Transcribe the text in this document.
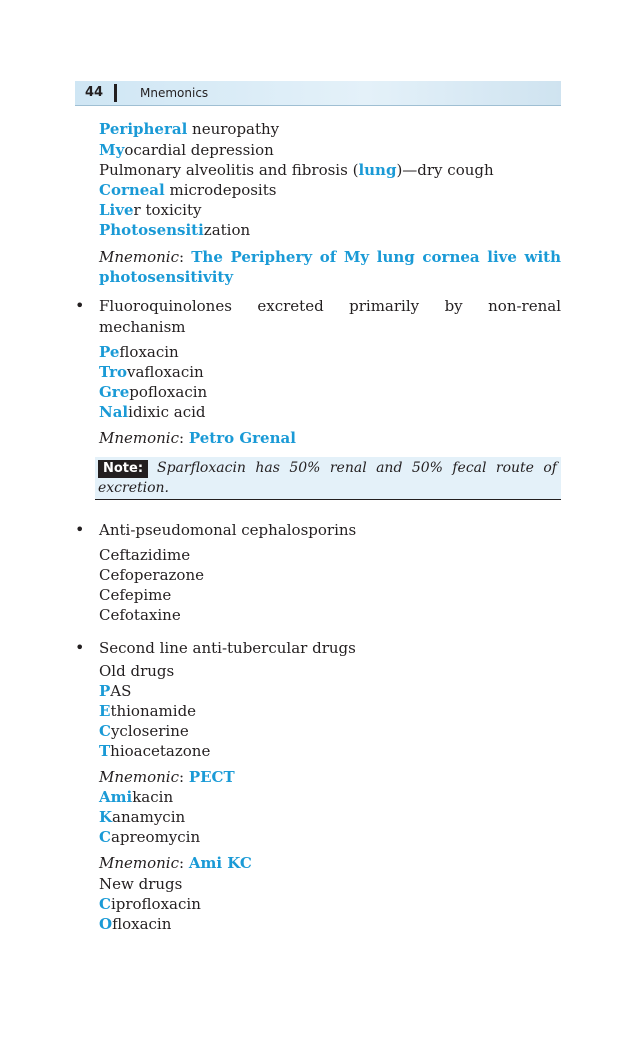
44	Mnemonics
Peripheral neuropathy
Myocardial depression
Pulmonary alveolitis and fibrosis (lung)—dry cough
Corneal microdeposits
Liver toxicity
Photosensitization
Mnemonic: The Periphery of My lung cornea live with
photosensitivity
• Fluoroquinolones excreted primarily by non-renal
mechanism
Pefloxacin
Trovafloxacin
Grepofloxacin
Nalidixic acid
Mnemonic: Petro Grenal
Note: Sparfloxacin has 50% renal and 50% fecal route of
excretion.
• Anti-pseudomonal cephalosporins
Ceftazidime
Cefoperazone
Cefepime
Cefotaxine
• Second line anti-tubercular drugs
Old drugs
PAS
Ethionamide
Cycloserine
Thioacetazone
Mnemonic: PECT
Amikacin
Kanamycin
Capreomycin
Mnemonic: Ami KC
New drugs
Ciprofloxacin
Ofloxacin
